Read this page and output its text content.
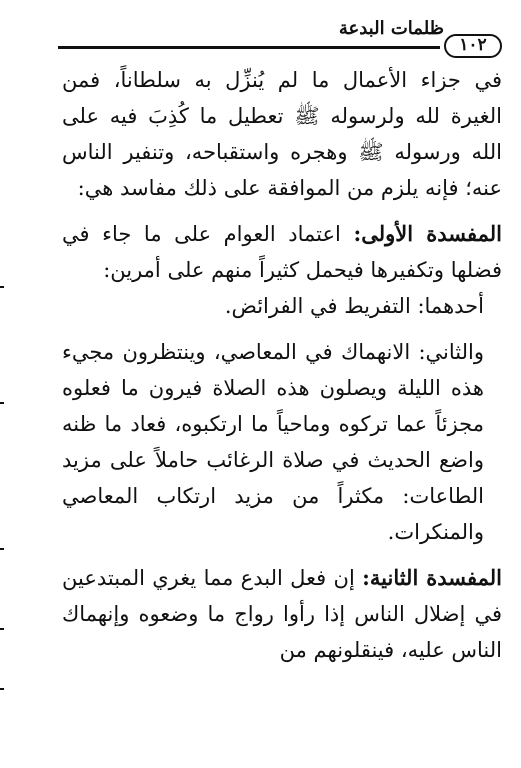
ظلمات البدعة
١٠٢

في جزاء الأعمال ما لم يُنزِّل به سلطاناً، فمن الغيرة لله ولرسوله ﷺ تعطيل ما كُذِبَ فيه على الله ورسوله ﷺ وهجره واستقباحه، وتنفير الناس عنه؛ فإنه يلزم من الموافقة على ذلك مفاسد هي:

المفسدة الأولى: اعتماد العوام على ما جاء في فضلها وتكفيرها فيحمل كثيراً منهم على أمرين:

أحدهما: التفريط في الفرائض.

والثاني: الانهماك في المعاصي، وينتظرون مجيء هذه الليلة ويصلون هذه الصلاة فيرون ما فعلوه مجزئاً عما تركوه وماحياً ما ارتكبوه، فعاد ما ظنه واضع الحديث في صلاة الرغائب حاملاً على مزيد الطاعات: مكثراً من مزيد ارتكاب المعاصي والمنكرات.

المفسدة الثانية: إن فعل البدع مما يغري المبتدعين في إضلال الناس إذا رأوا رواج ما وضعوه وإنهماك الناس عليه، فينقلونهم من
